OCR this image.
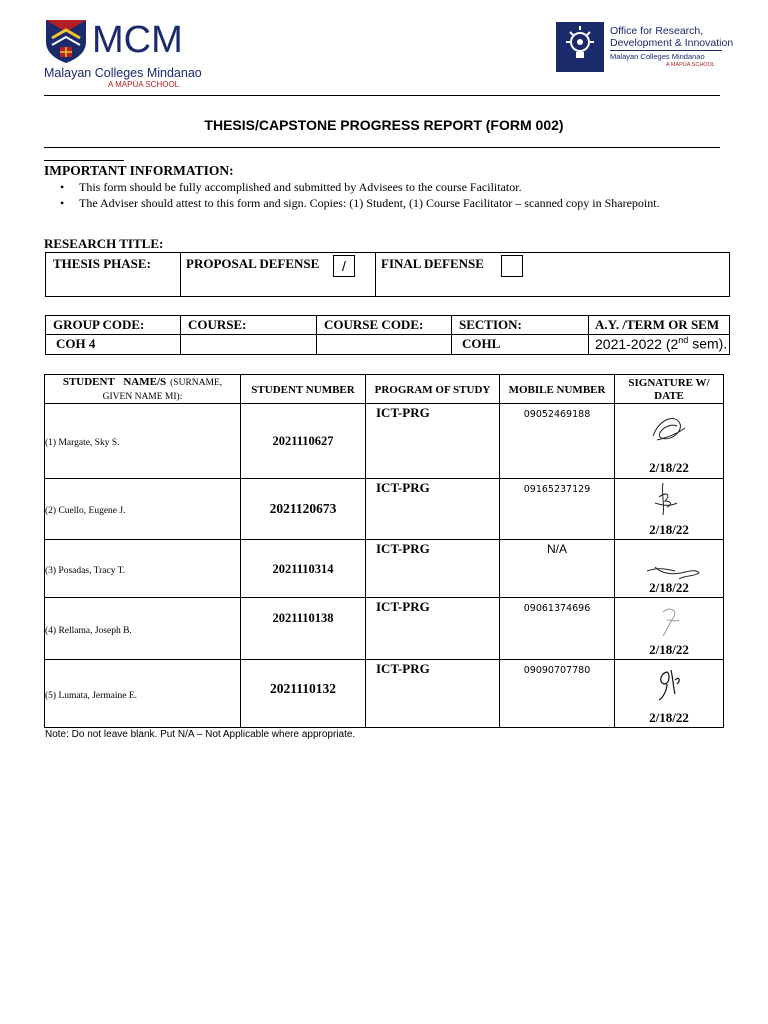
MCM
Malayan Colleges Mindanao
A MAPÚA SCHOOL
Office for Research,
Development & Innovation
Malayan Colleges Mindanao
A MAPÚA SCHOOL
THESIS/CAPSTONE PROGRESS REPORT (FORM 002)
IMPORTANT INFORMATION:
• This form should be fully accomplished and submitted by Advisees to the course Facilitator.
• The Adviser should attest to this form and sign. Copies: (1) Student, (1) Course Facilitator – scanned copy in Sharepoint.
RESEARCH TITLE:
THESIS PHASE:	PROPOSAL DEFENSE	/	FINAL DEFENSE
GROUP CODE:	COURSE:	COURSE CODE:	SECTION:	A.Y. /TERM OR SEM
COH 4			COHL	2021-2022 (2nd sem).
STUDENT NAME/S (SURNAME,
GIVEN NAME MI):	STUDENT NUMBER	PROGRAM OF STUDY	MOBILE NUMBER	SIGNATURE W/ DATE
(1) Margate, Sky S.	2021110627	ICT-PRG	09052469188	2/18/22

(2) Cuello, Eugene J.	2021120673	ICT-PRG	09165237129	2/18/22

(3) Posadas, Tracy T.	2021110314	ICT-PRG	N/A	2/18/22

(4) Rellama, Joseph B.	2021110138	ICT-PRG	09061374696	2/18/22

(5) Lumata, Jermaine E.	2021110132	ICT-PRG	09090707780	2/18/22
Note: Do not leave blank. Put N/A – Not Applicable where appropriate.
